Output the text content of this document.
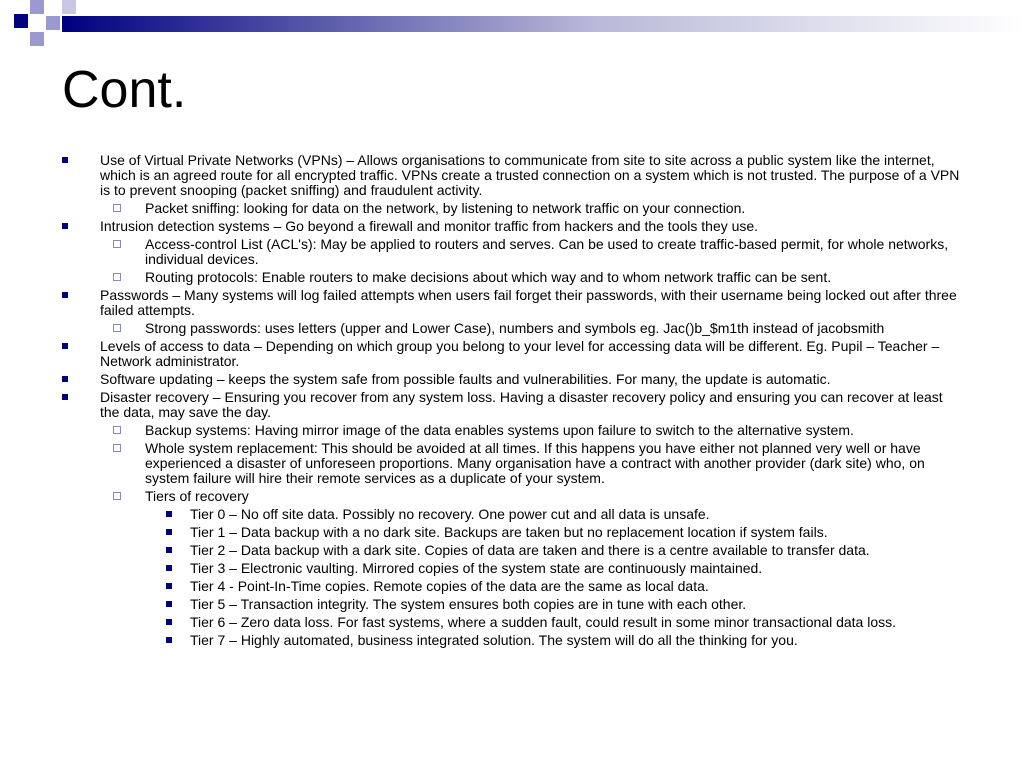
Cont.
Use of Virtual Private Networks (VPNs) – Allows organisations to communicate from site to site across a public system like the internet, which is an agreed route for all encrypted traffic. VPNs create a trusted connection on a system which is not trusted. The purpose of a VPN is to prevent snooping (packet sniffing) and fraudulent activity.
Packet sniffing: looking for data on the network, by listening to network traffic on your connection.
Intrusion detection systems – Go beyond a firewall and monitor traffic from hackers and the tools they use.
Access-control List (ACL's): May be applied to routers and serves. Can be used to create traffic-based permit, for whole networks, individual devices.
Routing protocols: Enable routers to make decisions about which way and to whom network traffic can be sent.
Passwords – Many systems will log failed attempts when users fail forget their passwords, with their username being locked out after three failed attempts.
Strong passwords: uses letters (upper and Lower Case), numbers and symbols eg. Jac()b_$m1th instead of jacobsmith
Levels of access to data – Depending on which group you belong to your level for accessing data will be different. Eg. Pupil – Teacher – Network administrator.
Software updating – keeps the system safe from possible faults and vulnerabilities. For many, the update is automatic.
Disaster recovery – Ensuring you recover from any system loss. Having a disaster recovery policy and ensuring you can recover at least the data, may save the day.
Backup systems: Having mirror image of the data enables systems upon failure to switch to the alternative system.
Whole system replacement: This should be avoided at all times. If this happens you have either not planned very well or have experienced a disaster of unforeseen proportions. Many organisation have a contract with another provider (dark site) who, on system failure will hire their remote services as a duplicate of your system.
Tiers of recovery
Tier 0 – No off site data. Possibly no recovery. One power cut and all data is unsafe.
Tier 1 – Data backup with a no dark site. Backups are taken but no replacement location if system fails.
Tier 2 – Data backup with a dark site. Copies of data are taken and there is a centre available to transfer data.
Tier 3 – Electronic vaulting. Mirrored copies of the system state are continuously maintained.
Tier 4 - Point-In-Time copies. Remote copies of the data are the same as local data.
Tier 5 – Transaction integrity. The system ensures both copies are in tune with each other.
Tier 6 – Zero data loss. For fast systems, where a sudden fault, could result in some minor transactional data loss.
Tier 7 – Highly automated, business integrated solution. The system will do all the thinking for you.
